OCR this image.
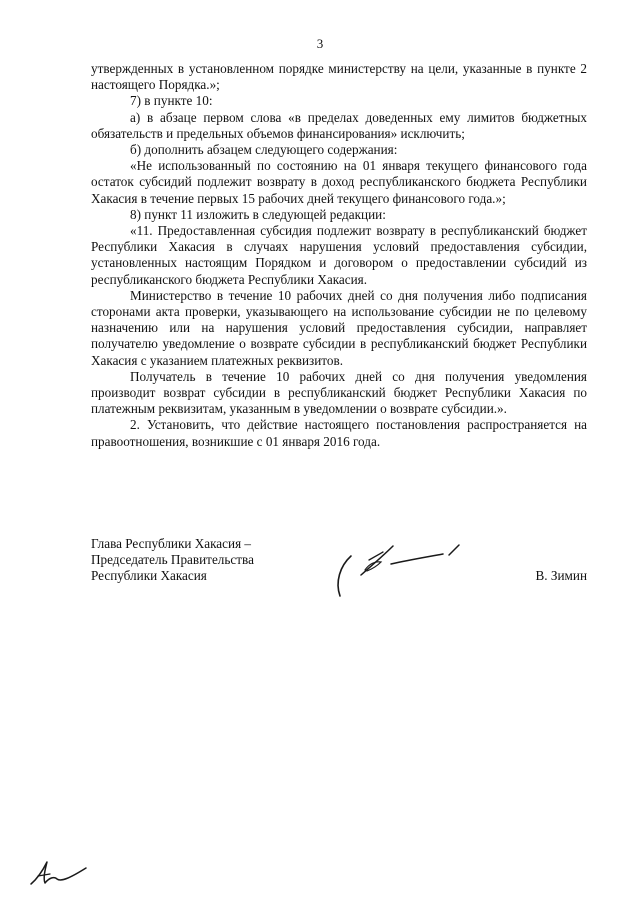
3

утвержденных в установленном порядке министерству на цели, указанные в пункте 2 настоящего Порядка.»;

7) в пункте 10:

а) в абзаце первом слова «в пределах доведенных ему лимитов бюджетных обязательств и предельных объемов финансирования» исключить;

б) дополнить абзацем следующего содержания:

«Не использованный по состоянию на 01 января текущего финансового года остаток субсидий подлежит возврату в доход республиканского бюджета Республики Хакасия в течение первых 15 рабочих дней текущего финансового года.»;

8) пункт 11 изложить в следующей редакции:

«11. Предоставленная субсидия подлежит возврату в республиканский бюджет Республики Хакасия в случаях нарушения условий предоставления субсидии, установленных настоящим Порядком и договором о предоставлении субсидий из республиканского бюджета Республики Хакасия.

Министерство в течение 10 рабочих дней со дня получения либо подписания сторонами акта проверки, указывающего на использование субсидии не по целевому назначению или на нарушения условий предоставления субсидии, направляет получателю уведомление о возврате субсидии в республиканский бюджет Республики Хакасия с указанием платежных реквизитов.

Получатель в течение 10 рабочих дней со дня получения уведомления производит возврат субсидии в республиканский бюджет Республики Хакасия по платежным реквизитам, указанным в уведомлении о возврате субсидии.».

2. Установить, что действие настоящего постановления распространяется на правоотношения, возникшие с 01 января 2016 года.

Глава Республики Хакасия –
Председатель Правительства
Республики Хакасия	В. Зимин
